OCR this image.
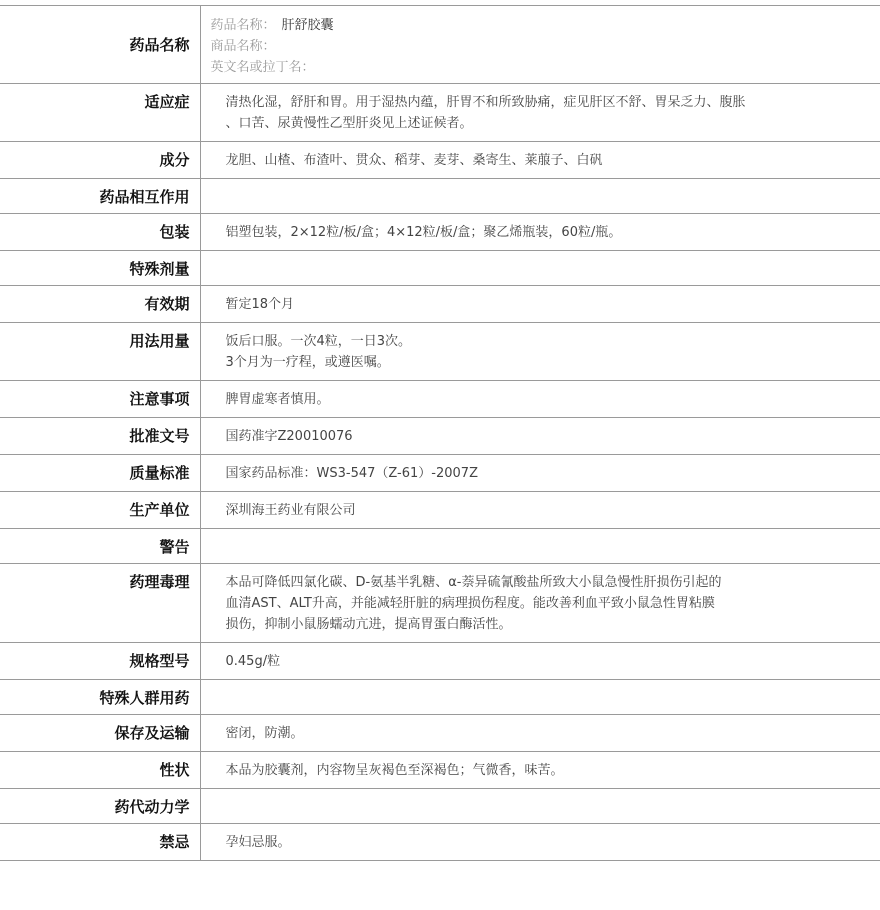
药品名称	药品名称： 肝舒胶囊
商品名称：
英文名或拉丁名：

适应症	清热化湿，舒肝和胃。用于湿热内蕴，肝胃不和所致胁痛，症见肝区不舒、胃呆乏力、腹胀
、口苦、尿黄慢性乙型肝炎见上述证候者。

成分	龙胆、山楂、布渣叶、贯众、稻芽、麦芽、桑寄生、莱菔子、白矾

药品相互作用	
包装	铝塑包装，2×12粒/板/盒；4×12粒/板/盒；聚乙烯瓶装，60粒/瓶。

特殊剂量	
有效期	暂定18个月

用法用量	饭后口服。一次4粒，一日3次。
3个月为一疗程，或遵医嘱。

注意事项	脾胃虚寒者慎用。

批准文号	国药准字Z20010076

质量标准	国家药品标准：WS3-547（Z-61）-2007Z

生产单位	深圳海王药业有限公司

警告	
药理毒理	本品可降低四氯化碳、D-氨基半乳糖、α-萘异硫氰酸盐所致大小鼠急慢性肝损伤引起的
血清AST、ALT升高，并能减轻肝脏的病理损伤程度。能改善利血平致小鼠急性胃粘膜
损伤，抑制小鼠肠蠕动亢进，提高胃蛋白酶活性。

规格型号	0.45g/粒

特殊人群用药	
保存及运输	密闭，防潮。

性状	本品为胶囊剂，内容物呈灰褐色至深褐色；气微香，味苦。

药代动力学	
禁忌	孕妇忌服。
